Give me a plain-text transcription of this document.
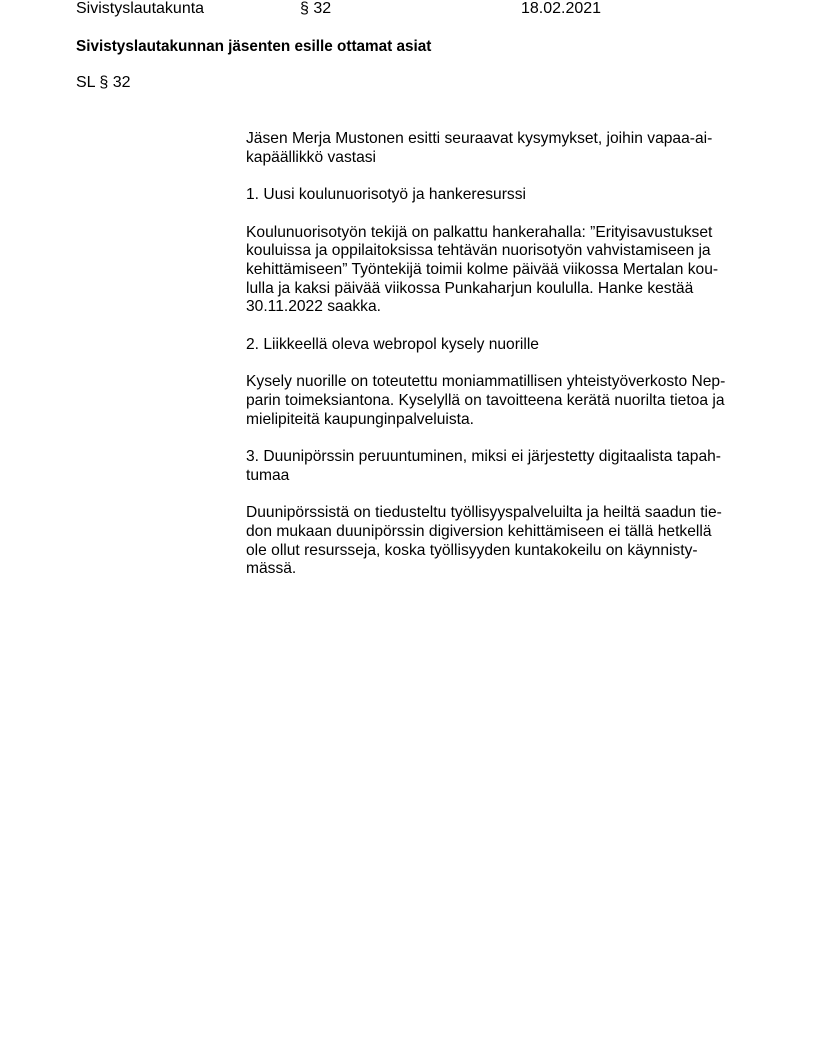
Sivistyslautakunta	§ 32	18.02.2021
Sivistyslautakunnan jäsenten esille ottamat asiat
SL § 32

Jäsen Merja Mustonen esitti seuraavat kysymykset, joihin vapaa-ai-
kapäällikkö vastasi

1. Uusi koulunuorisotyö ja hankeresurssi

Koulunuorisotyön tekijä on palkattu hankerahalla: ”Erityisavustukset
kouluissa ja oppilaitoksissa tehtävän nuorisotyön vahvistamiseen ja
kehittämiseen” Työntekijä toimii kolme päivää viikossa Mertalan kou-
lulla ja kaksi päivää viikossa Punkaharjun koululla. Hanke kestää
30.11.2022 saakka.

2. Liikkeellä oleva webropol kysely nuorille

Kysely nuorille on toteutettu moniammatillisen yhteistyöverkosto Nep-
parin toimeksiantona. Kyselyllä on tavoitteena kerätä nuorilta tietoa ja
mielipiteitä kaupunginpalveluista.

3. Duunipörssin peruuntuminen, miksi ei järjestetty digitaalista tapah-
tumaa

Duunipörssistä on tiedusteltu työllisyyspalveluilta ja heiltä saadun tie-
don mukaan duunipörssin digiversion kehittämiseen ei tällä hetkellä
ole ollut resursseja, koska työllisyyden kuntakokeilu on käynnisty-
mässä.
